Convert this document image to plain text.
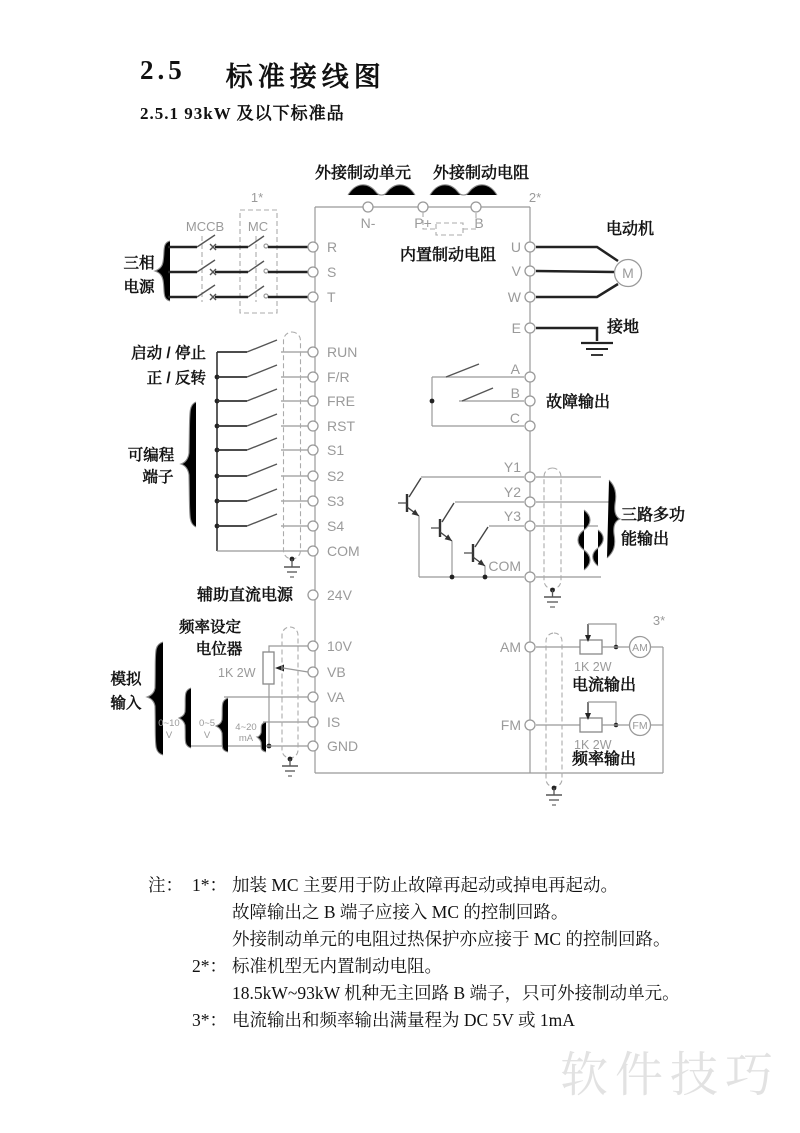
2.5 标准接线图
2.5.1 93kW 及以下标准品
外接制动单元 外接制动电阻
1*	2*
N-	P+	B
内置制动电阻
三相
电源
MCCB MC
R
S
T
电动机
U
V
W
E
M
接地
启动 / 停止
正 / 反转
可编程
端子
RUN
F/R
FRE
RST
S1
S2
S3
S4
COM
A
B
C
故障输出
Y1
Y2
Y3
COM
三路多功
能输出
辅助直流电源 24V
频率设定
电位器
1K 2W
10V
VB
VA
IS
GND
模拟
输入
0~10
V
0~5
V
4~20
mA
3*
AM
FM
AM
1K 2W
电流输出
FM
1K 2W
频率输出
注： 1*： 加装 MC 主要用于防止故障再起动或掉电再起动。
故障输出之 B 端子应接入 MC 的控制回路。
外接制动单元的电阻过热保护亦应接于 MC 的控制回路。
2*： 标准机型无内置制动电阻。
18.5kW~93kW 机种无主回路 B 端子，只可外接制动单元。
3*： 电流输出和频率输出满量程为 DC 5V 或 1mA
软件技巧
